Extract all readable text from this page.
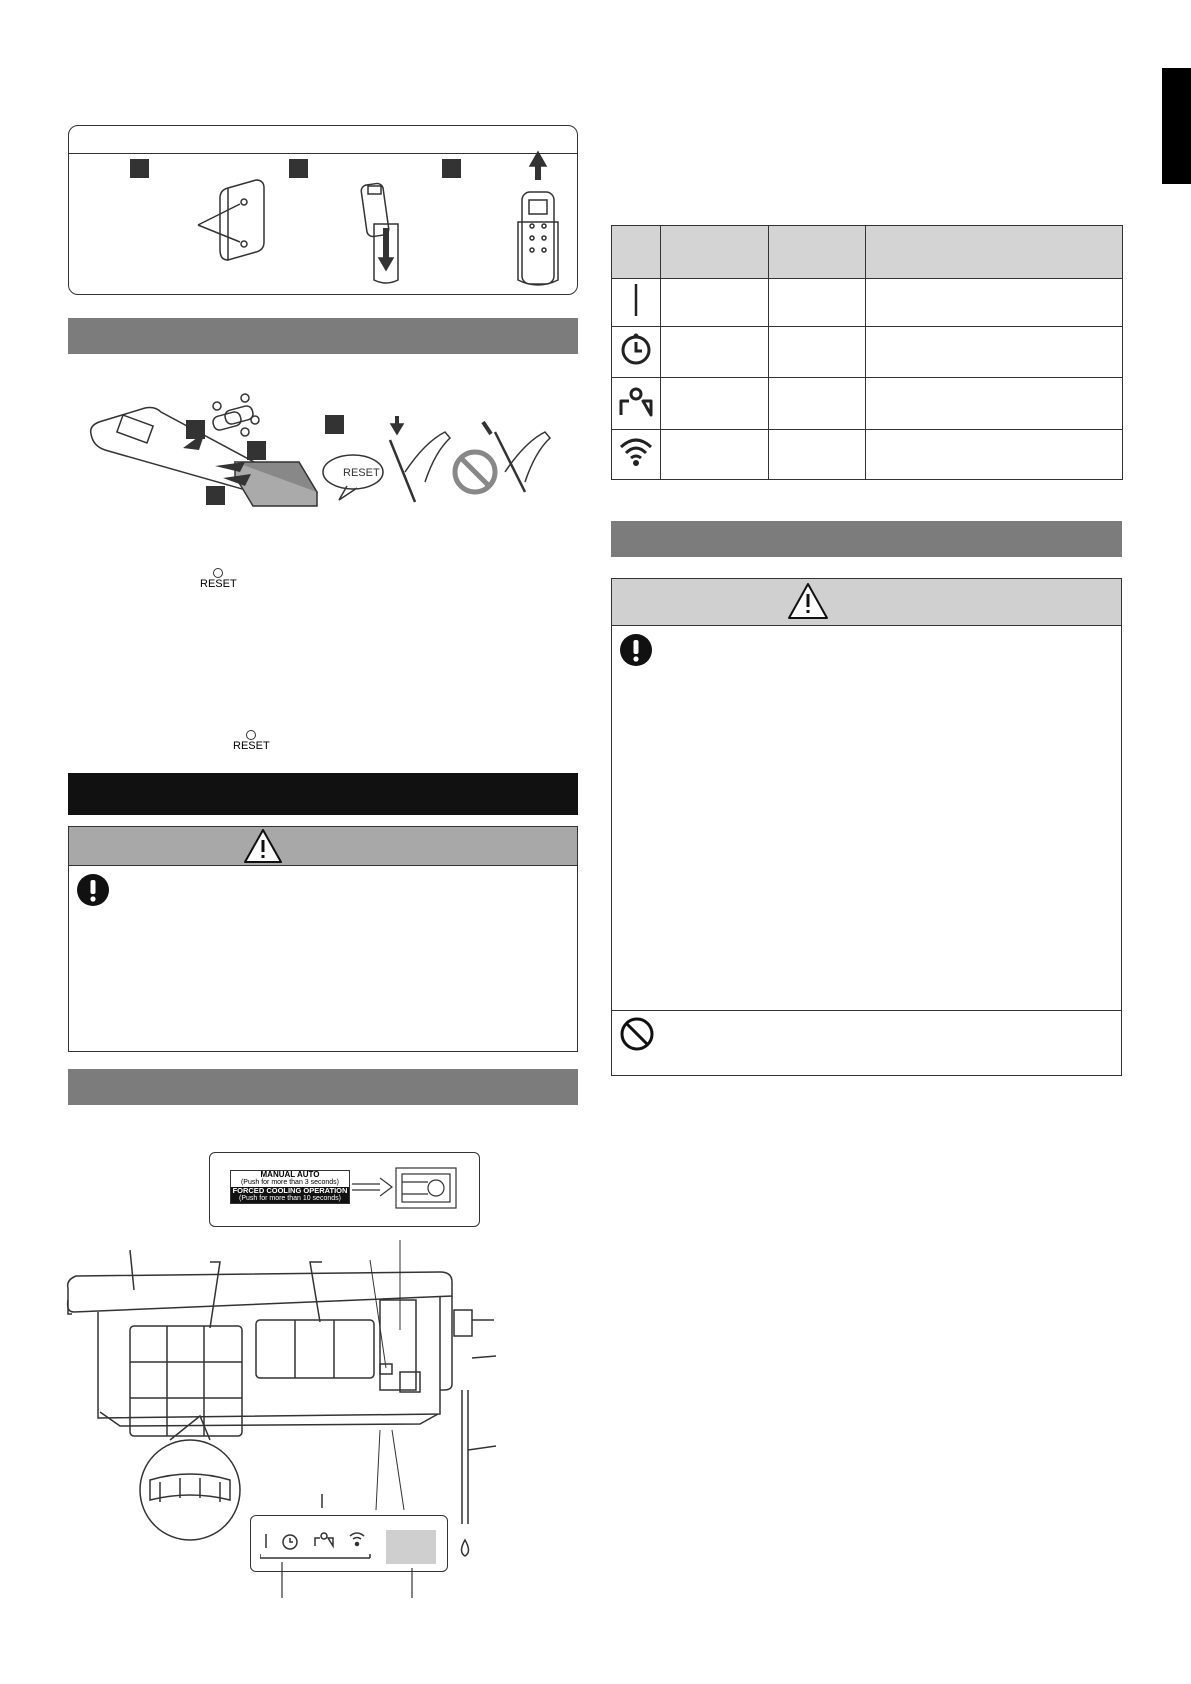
RESET
RESET
RESET
MANUAL AUTO
(Push for more than 3 seconds)
FORCED COOLING OPERATION
(Push for more than 10 seconds)
